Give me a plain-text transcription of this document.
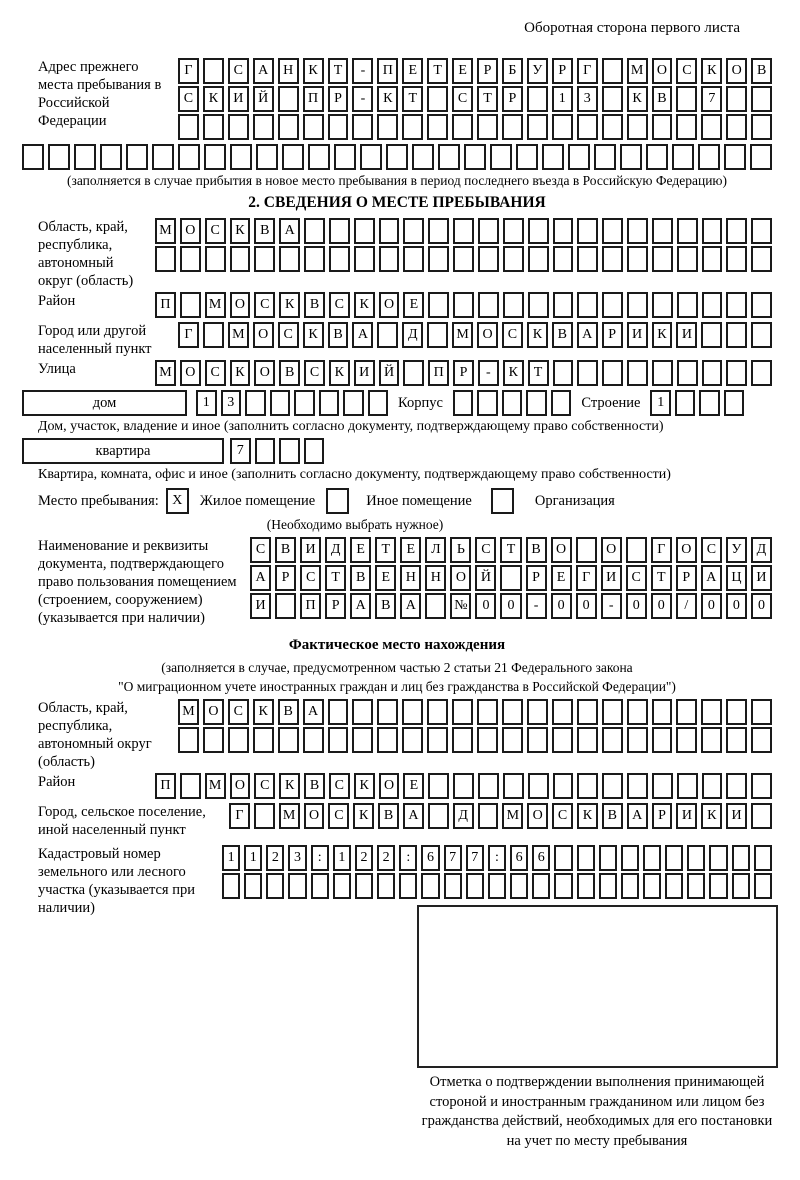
Оборотная сторона первого листа
Адрес прежнего места пребывания в Российской Федерации
Г	С	А	Н	К	Т	-	П	Е	Т	Е	Р	Б	У	Р	Г	М О	С	К	О	В
С	К	И	Й	П	Р	-	К	Т	С	Т	Р	1	3	К	В	7
(заполняется в случае прибытия в новое место пребывания в период последнего въезда в Российскую Федерацию)
2. СВЕДЕНИЯ О МЕСТЕ ПРЕБЫВАНИЯ
Область, край, республика, автономный округ (область)
М О	С	К	В	А
Район	П	М О	С	К	В	С	К	О	Е
Город или другой населенный пункт
Г	М О	С	К	В	А	Д	М О	С	К	В	А	Р	И	К	И
Улица	М О	С	К	О	В	С	К	И	Й	П	Р	-	К	Т
дом	1	3	Корпус	Строение	1
Дом, участок, владение и иное (заполнить согласно документу, подтверждающему право собственности)
квартира	7
Квартира, комната, офис и иное (заполнить согласно документу, подтверждающему право собственности)
Место пребывания: X	Жилое помещение	Иное помещение	Организация
(Необходимо выбрать нужное)
Наименование и реквизиты документа, подтверждающего право пользования помещением (строением, сооружением) (указывается при наличии)
С	В	И	Д	Е	Т	Е	Л	Ь	С	Т	В	О	О	Г	О	С	У	Д
А	Р	С	Т	В	Е	Н	Н	О	Й	Р	Е	Г	И	С	Т	Р	А	Ц	И
И	П	Р	А	В	А	№	0	0	-	0	0	-	0	0	/	0	0	0
Фактическое место нахождения
(заполняется в случае, предусмотренном частью 2 статьи 21 Федерального закона
"О миграционном учете иностранных граждан и лиц без гражданства в Российской Федерации")
Область, край, республика, автономный округ (область)
М О	С	К	В	А
Район	П	М О	С	К	В	С	К	О	Е
Город, сельское поселение, иной населенный пункт
Г	М О	С	К	В	А	Д	М О	С	К	В	А	Р	И	К	И
Кадастровый номер земельного или лесного участка (указывается при наличии)
1	1	2	3	:	1	2	2	:	6	7	7	:	6	6
Отметка о подтверждении выполнения принимающей
стороной и иностранным гражданином или лицом без
гражданства действий, необходимых для его постановки
на учет по месту пребывания
